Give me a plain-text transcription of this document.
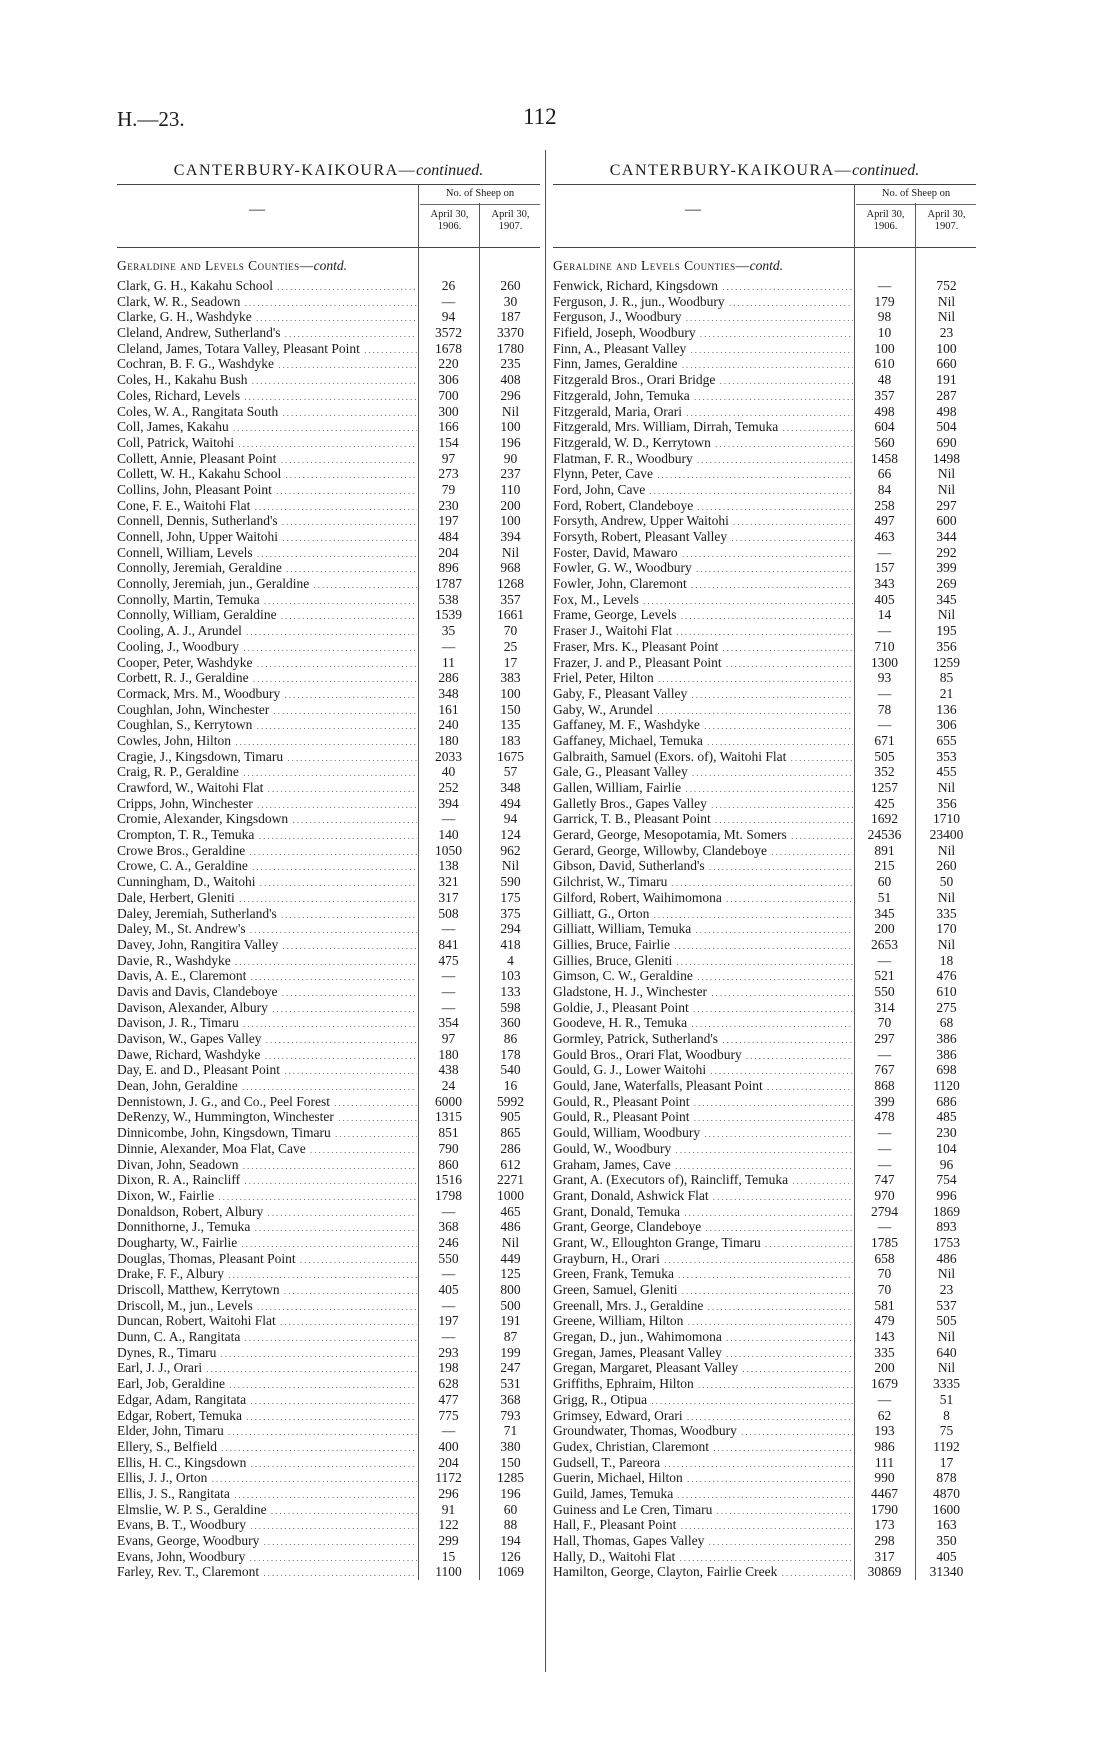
H.—23.	112
CANTERBURY-KAIKOURA—continued.
—
No. of Sheep on
April 30, 1906.
April 30, 1907.
Geraldine and Levels Counties—contd.
Clark, G. H., Kakahu School .....	26	260
Clark, W. R., Seadown .....	—	30
Clarke, G. H., Washdyke .....	94	187
Cleland, Andrew, Sutherland's .....	3572	3370
Cleland, James, Totara Valley, Pleasant Point .....	1678	1780
Cochran, B. F. G., Washdyke .....	220	235
Coles, H., Kakahu Bush .....	306	408
Coles, Richard, Levels .....	700	296
Coles, W. A., Rangitata South .....	300	Nil
Coll, James, Kakahu .....	166	100
Coll, Patrick, Waitohi .....	154	196
Collett, Annie, Pleasant Point .....	97	90
Collett, W. H., Kakahu School .....	273	237
Collins, John, Pleasant Point .....	79	110
Cone, F. E., Waitohi Flat .....	230	200
Connell, Dennis, Sutherland's .....	197	100
Connell, John, Upper Waitohi .....	484	394
Connell, William, Levels .....	204	Nil
Connolly, Jeremiah, Geraldine .....	896	968
Connolly, Jeremiah, jun., Geraldine .....	1787	1268
Connolly, Martin, Temuka .....	538	357
Connolly, William, Geraldine .....	1539	1661
Cooling, A. J., Arundel .....	35	70
Cooling, J., Woodbury .....	—	25
Cooper, Peter, Washdyke .....	11	17
Corbett, R. J., Geraldine .....	286	383
Cormack, Mrs. M., Woodbury .....	348	100
Coughlan, John, Winchester .....	161	150
Coughlan, S., Kerrytown .....	240	135
Cowles, John, Hilton .....	180	183
Cragie, J., Kingsdown, Timaru .....	2033	1675
Craig, R. P., Geraldine .....	40	57
Crawford, W., Waitohi Flat .....	252	348
Cripps, John, Winchester .....	394	494
Cromie, Alexander, Kingsdown .....	—	94
Crompton, T. R., Temuka .....	140	124
Crowe Bros., Geraldine .....	1050	962
Crowe, C. A., Geraldine .....	138	Nil
Cunningham, D., Waitohi .....	321	590
Dale, Herbert, Gleniti .....	317	175
Daley, Jeremiah, Sutherland's .....	508	375
Daley, M., St. Andrew's .....	—	294
Davey, John, Rangitira Valley .....	841	418
Davie, R., Washdyke .....	475	4
Davis, A. E., Claremont .....	—	103
Davis and Davis, Clandeboye .....	—	133
Davison, Alexander, Albury .....	—	598
Davison, J. R., Timaru .....	354	360
Davison, W., Gapes Valley .....	97	86
Dawe, Richard, Washdyke .....	180	178
Day, E. and D., Pleasant Point .....	438	540
Dean, John, Geraldine .....	24	16
Dennistown, J. G., and Co., Peel Forest .....	6000	5992
DeRenzy, W., Hummington, Winchester .....	1315	905
Dinnicombe, John, Kingsdown, Timaru .....	851	865
Dinnie, Alexander, Moa Flat, Cave .....	790	286
Divan, John, Seadown .....	860	612
Dixon, R. A., Raincliff .....	1516	2271
Dixon, W., Fairlie .....	1798	1000
Donaldson, Robert, Albury .....	—	465
Donnithorne, J., Temuka .....	368	486
Dougharty, W., Fairlie .....	246	Nil
Douglas, Thomas, Pleasant Point .....	550	449
Drake, F. F., Albury .....	—	125
Driscoll, Matthew, Kerrytown .....	405	800
Driscoll, M., jun., Levels .....	—	500
Duncan, Robert, Waitohi Flat .....	197	191
Dunn, C. A., Rangitata .....	—	87
Dynes, R., Timaru .....	293	199
Earl, J. J., Orari .....	198	247
Earl, Job, Geraldine .....	628	531
Edgar, Adam, Rangitata .....	477	368
Edgar, Robert, Temuka .....	775	793
Elder, John, Timaru .....	—	71
Ellery, S., Belfield .....	400	380
Ellis, H. C., Kingsdown .....	204	150
Ellis, J. J., Orton .....	1172	1285
Ellis, J. S., Rangitata .....	296	196
Elmslie, W. P. S., Geraldine .....	91	60
Evans, B. T., Woodbury .....	122	88
Evans, George, Woodbury .....	299	194
Evans, John, Woodbury .....	15	126
Farley, Rev. T., Claremont .....	1100	1069
CANTERBURY-KAIKOURA—continued.
—
No. of Sheep on
April 30, 1906.
April 30, 1907.
Geraldine and Levels Counties—contd.
Fenwick, Richard, Kingsdown .....	—	752
Ferguson, J. R., jun., Woodbury .....	179	Nil
Ferguson, J., Woodbury .....	98	Nil
Fifield, Joseph, Woodbury .....	10	23
Finn, A., Pleasant Valley .....	100	100
Finn, James, Geraldine .....	610	660
Fitzgerald Bros., Orari Bridge .....	48	191
Fitzgerald, John, Temuka .....	357	287
Fitzgerald, Maria, Orari .....	498	498
Fitzgerald, Mrs. William, Dirrah, Temuka .....	604	504
Fitzgerald, W. D., Kerrytown .....	560	690
Flatman, F. R., Woodbury .....	1458	1498
Flynn, Peter, Cave .....	66	Nil
Ford, John, Cave .....	84	Nil
Ford, Robert, Clandeboye .....	258	297
Forsyth, Andrew, Upper Waitohi .....	497	600
Forsyth, Robert, Pleasant Valley .....	463	344
Foster, David, Mawaro .....	—	292
Fowler, G. W., Woodbury .....	157	399
Fowler, John, Claremont .....	343	269
Fox, M., Levels .....	405	345
Frame, George, Levels .....	14	Nil
Fraser J., Waitohi Flat .....	—	195
Fraser, Mrs. K., Pleasant Point .....	710	356
Frazer, J. and P., Pleasant Point .....	1300	1259
Friel, Peter, Hilton .....	93	85
Gaby, F., Pleasant Valley .....	—	21
Gaby, W., Arundel .....	78	136
Gaffaney, M. F., Washdyke .....	—	306
Gaffaney, Michael, Temuka .....	671	655
Galbraith, Samuel (Exors. of), Waitohi Flat .....	505	353
Gale, G., Pleasant Valley .....	352	455
Gallen, William, Fairlie .....	1257	Nil
Galletly Bros., Gapes Valley .....	425	356
Garrick, T. B., Pleasant Point .....	1692	1710
Gerard, George, Mesopotamia, Mt. Somers .....	24536	23400
Gerard, George, Willowby, Clandeboye .....	891	Nil
Gibson, David, Sutherland's .....	215	260
Gilchrist, W., Timaru .....	60	50
Gilford, Robert, Waihimomona .....	51	Nil
Gilliatt, G., Orton .....	345	335
Gilliatt, William, Temuka .....	200	170
Gillies, Bruce, Fairlie .....	2653	Nil
Gillies, Bruce, Gleniti .....	—	18
Gimson, C. W., Geraldine .....	521	476
Gladstone, H. J., Winchester .....	550	610
Goldie, J., Pleasant Point .....	314	275
Goodeve, H. R., Temuka .....	70	68
Gormley, Patrick, Sutherland's .....	297	386
Gould Bros., Orari Flat, Woodbury .....	—	386
Gould, G. J., Lower Waitohi .....	767	698
Gould, Jane, Waterfalls, Pleasant Point .....	868	1120
Gould, R., Pleasant Point .....	399	686
Gould, R., Pleasant Point .....	478	485
Gould, William, Woodbury .....	—	230
Gould, W., Woodbury .....	—	104
Graham, James, Cave .....	—	96
Grant, A. (Executors of), Raincliff, Temuka .....	747	754
Grant, Donald, Ashwick Flat .....	970	996
Grant, Donald, Temuka .....	2794	1869
Grant, George, Clandeboye .....	—	893
Grant, W., Elloughton Grange, Timaru .....	1785	1753
Grayburn, H., Orari .....	658	486
Green, Frank, Temuka .....	70	Nil
Green, Samuel, Gleniti .....	70	23
Greenall, Mrs. J., Geraldine .....	581	537
Greene, William, Hilton .....	479	505
Gregan, D., jun., Wahimomona .....	143	Nil
Gregan, James, Pleasant Valley .....	335	640
Gregan, Margaret, Pleasant Valley .....	200	Nil
Griffiths, Ephraim, Hilton .....	1679	3335
Grigg, R., Otipua .....	—	51
Grimsey, Edward, Orari .....	62	8
Groundwater, Thomas, Woodbury .....	193	75
Gudex, Christian, Claremont .....	986	1192
Gudsell, T., Pareora .....	111	17
Guerin, Michael, Hilton .....	990	878
Guild, James, Temuka .....	4467	4870
Guiness and Le Cren, Timaru .....	1790	1600
Hall, F., Pleasant Point .....	173	163
Hall, Thomas, Gapes Valley .....	298	350
Hally, D., Waitohi Flat .....	317	405
Hamilton, George, Clayton, Fairlie Creek .....	30869	31340
